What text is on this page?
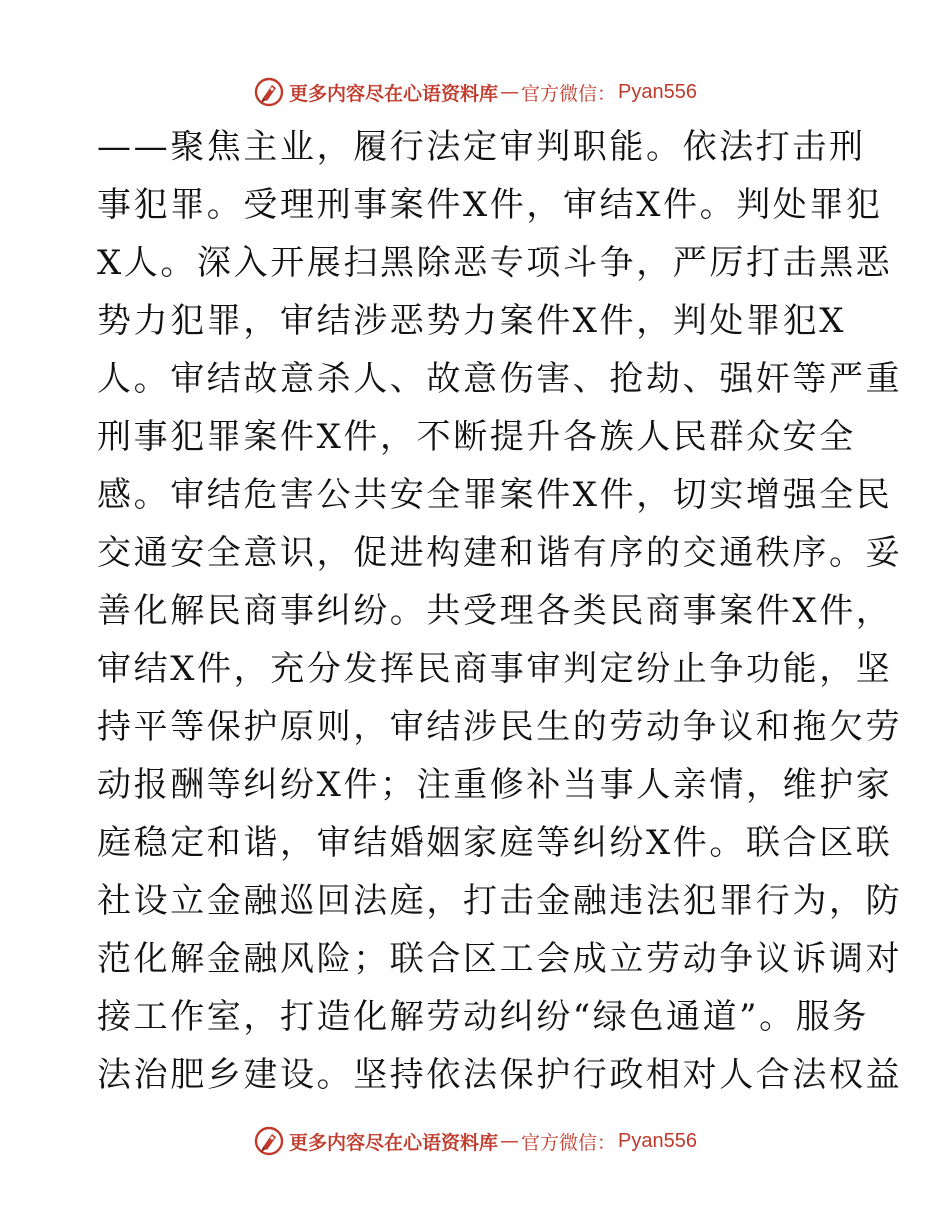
更多内容尽在心语资料库 — 官方微信： Pyan556
——聚焦主业，履行法定审判职能。依法打击刑
事犯罪。受理刑事案件X件，审结X件。判处罪犯
X人。深入开展扫黑除恶专项斗争，严厉打击黑恶
势力犯罪，审结涉恶势力案件X件，判处罪犯X
人。审结故意杀人、故意伤害、抢劫、强奸等严重
刑事犯罪案件X件，不断提升各族人民群众安全
感。审结危害公共安全罪案件X件，切实增强全民
交通安全意识，促进构建和谐有序的交通秩序。妥
善化解民商事纠纷。共受理各类民商事案件X件，
审结X件，充分发挥民商事审判定纷止争功能，坚
持平等保护原则，审结涉民生的劳动争议和拖欠劳
动报酬等纠纷X件；注重修补当事人亲情，维护家
庭稳定和谐，审结婚姻家庭等纠纷X件。联合区联
社设立金融巡回法庭，打击金融违法犯罪行为，防
范化解金融风险；联合区工会成立劳动争议诉调对
接工作室，打造化解劳动纠纷“绿色通道”。服务
法治肥乡建设。坚持依法保护行政相对人合法权益
更多内容尽在心语资料库 — 官方微信： Pyan556
